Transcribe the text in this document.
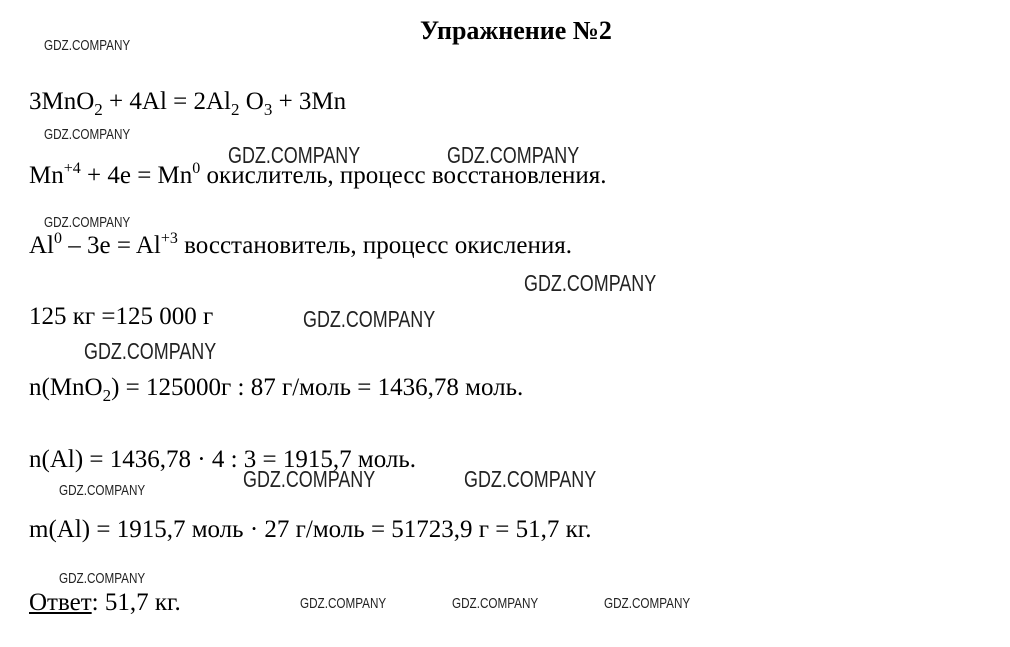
Упражнение №2
$3MnO_2 + 4Al = 2Al_2$ $O_3 + 3Mn$
$Mn^{+4} + 4e = Mn^0$ окислитель, процесс восстановления.
$Al^0 - 3e = Al^{+3}$ восстановитель, процесс окисления.
125 кг =125 000 г
n(MnO$_2$) = 125000г : 87 г/моль = 1436,78 моль.
n(Al) = 1436,78 · 4 : 3 = 1915,7 моль.
m(Al) = 1915,7 моль · 27 г/моль = 51723,9 г = 51,7 кг.
Ответ: 51,7 кг.
GDZ.COMPANY
GDZ.COMPANY
GDZ.COMPANY	GDZ.COMPANY
GDZ.COMPANY
GDZ.COMPANY
GDZ.COMPANY
GDZ.COMPANY
GDZ.COMPANY	GDZ.COMPANY
GDZ.COMPANY
GDZ.COMPANY
GDZ.COMPANY	GDZ.COMPANY	GDZ.COMPANY
